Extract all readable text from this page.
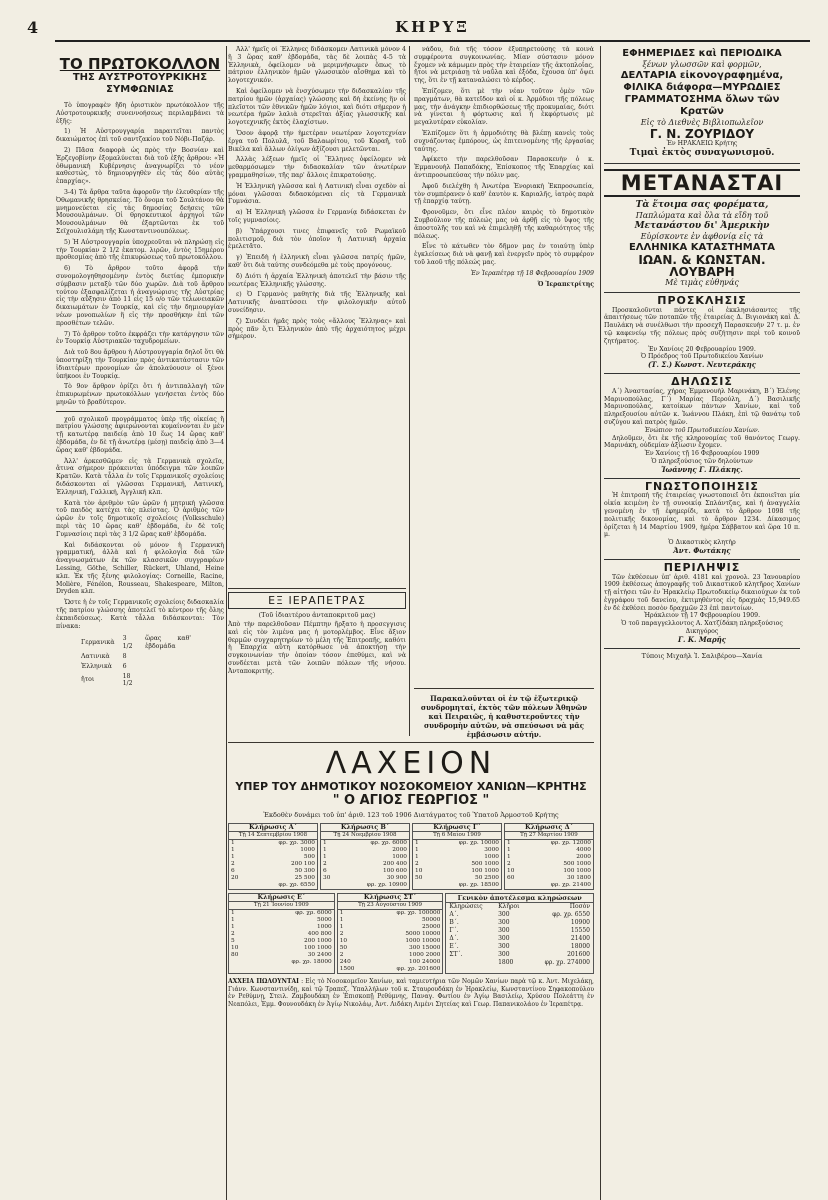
4	ΚΗΡΥΞ
ΤΟ ΠΡΩΤΟΚΟΛΛΟΝ
ΤΗΣ ΑΥΣΤΡΟΤΟΥΡΚΙΚΗΣ ΣΥΜΦΩΝΙΑΣ

Τὸ ὑπογραφὲν ἤδη ὁριστικὸν πρωτόκολλον τῆς Αὐστροτουρκικῆς συνεννοήσεως περιλαμβάνει τὰ ἑξῆς:

1) Ἡ Αὐστρουγγαρία παραιτεῖται παντὸς δικαιώματος ἐπὶ τοῦ σαντζακίου τοῦ Νόβι-Παζάρ.

2) Πᾶσα διαφορὰ ὡς πρὸς τὴν Βοσνίαν καὶ Ἑρζεγοβίνην ἐξομαλύνεται διὰ τοῦ ἑξῆς ἄρθρου: «Ἡ ὀθωμανικὴ Κυβέρνησις ἀναγνωρίζει τὸ νέον καθεστώς, τὸ δημιουργηθὲν εἰς τὰς δύο αὐτὰς ἐπαρχίας».

3-4) Τὰ ἄρθρα ταῦτα ἀφοροῦν τὴν ἐλευθερίαν τῆς Ὀθωμανικῆς θρησκείας. Τὸ ὄνομα τοῦ Σουλτάνου θὰ μνημονεύεται εἰς τὰς δημοσίας δεήσεις τῶν Μουσουλμάνων. Οἱ θρησκευτικοὶ ἀρχηγοὶ τῶν Μουσουλμάνων θὰ ἐξαρτῶνται ἐκ τοῦ Σεϊχουλισλάμη τῆς Κωνσταντινουπόλεως.

5) Ἡ Αὐστρουγγαρία ὑποχρεοῦται νὰ πληρώσῃ εἰς τὴν Τουρκίαν 2 1/2 ἑκατομ. λιρῶν, ἐντὸς 15ημέρου προθεσμίας ἀπὸ τῆς ἐπικυρώσεως τοῦ πρωτοκόλλου.

6) Τὸ ἄρθρον τοῦτο ἀφορᾷ τὴν συνομολογηθησομένην ἐντὸς διετίας ἐμπορικὴν σύμβασιν μεταξὺ τῶν δύο χωρῶν. Διὰ τοῦ ἄρθρου τούτου ἐξασφαλίζεται ἡ ἀναγνώρισις τῆς Αὐστρίας εἰς τὴν αὔξησιν ἀπὸ 11 εἰς 15 ο/ο τῶν τελωνειακῶν δικαιωμάτων ἐν Τουρκίᾳ, καὶ εἰς τὴν δημιουργίαν νέων μονοπωλίων ἢ εἰς τὴν προσθήκην ἐπὶ τῶν προσθέτων τελῶν.

7) Τὸ ἄρθρον τοῦτο ἐκφράζει τὴν κατάργησιν τῶν ἐν Τουρκίᾳ Αὐστριακῶν ταχυδρομείων.

Διὰ τοῦ 8ου ἄρθρου ἡ Αὐστρουγγαρία δηλοῖ ὅτι θὰ ὑποστηρίξῃ τὴν Τουρκίαν πρὸς ἀντικατάστασιν τῶν ἰδιαιτέρων προνομίων ὧν ἀπολαύουσιν οἱ ξένοι ὑπήκοοι ἐν Τουρκίᾳ.

Τὸ 9ον ἄρθρον ὁρίζει ὅτι ἡ ἀντιπαλλαγὴ τῶν ἐπικυρωμένων πρωτοκόλλων γενήσεται ἐντὸς δύο μηνῶν τὸ βραδύτερον.

χοῦ σχολικοῦ προγράμματος ὑπὲρ τῆς οἰκείας ἢ πατρίου γλώσσης ἀφιερώνονται κυμαίνονται ἐν μὲν τῇ κατωτέρᾳ παιδείᾳ ἀπὸ 10 ἕως 14 ὥρας καθ' ἑβδομάδα, ἐν δὲ τῇ ἀνωτέρᾳ (μέσῃ) παιδείᾳ ἀπὸ 3—4 ὥρας καθ' ἑβδομάδα.

Ἀλλ' ἀρκεσθῶμεν εἰς τὰ Γερμανικὰ σχολεῖα, ἅτινα σήμερον πρόκεινται ὑπόδειγμα τῶν λοιπῶν Κρατῶν. Κατὰ τἆλλα ἐν τοῖς Γερμανικοῖς σχολείοις διδάσκονται αἱ γλῶσσαι Γερμανική, Λατινική, Ἑλληνική, Γαλλική, Ἀγγλική κλπ.

Κατὰ τὸν ἀριθμὸν τῶν ὡρῶν ἡ μητρικὴ γλῶσσα τοῦ παιδὸς κατέχει τὰς πλείστας. Ὁ ἀριθμὸς τῶν ὡρῶν ἐν τοῖς δημοτικοῖς σχολείοις (Volksschule) περὶ τὰς 10 ὥρας καθ' ἑβδομάδα, ἐν δὲ τοῖς Γυμνασίοις περὶ τὰς 3 1/2 ὥρας καθ' ἑβδομάδα.

Καὶ διδάσκονται οὐ μόνον ἡ Γερμανικὴ γραμματική, ἀλλὰ καὶ ἡ φιλολογία διὰ τῶν ἀναγνωσμάτων ἐκ τῶν κλασσικῶν συγγραφέων Lessing, Göthe, Schiller, Rückert, Uhland, Heine κλπ. Ἐκ τῆς ξένης φιλολογίας: Corneille, Racine, Molière, Fénélon, Rousseau, Shakespeare, Milton, Dryden κλπ.

Ὥστε ἡ ἐν τοῖς Γερμανικοῖς σχολείοις διδασκαλία τῆς πατρίου γλώσσης ἀποτελεῖ τὸ κέντρον τῆς ὅλης ἐκπαιδεύσεως. Κατὰ τἆλλα διδάσκονται: Τὸν πίνακα:

Γερμανικὰ	3 1/2	ὥρας καθ' ἑβδομάδα
Λατινικὰ	8	
Ἑλληνικὰ	6	
ἤτοι	18 1/2	

Ἀλλ' ἡμεῖς οἱ Ἕλληνες διδάσκομεν Λατινικὰ μόνον 4 ἢ 3 ὥρας καθ' ἑβδομάδα, τὰς δὲ λοιπὰς 4-5 τὰ Ἑλληνικὰ, ὀφείλομεν νὰ μεριμνήσωμεν ὅπως τὸ πάτριον ἑλληνικὸν ἡμῶν γλωσσικὸν αἴσθημα καὶ τὸ λογοτεχνικόν.

Καὶ ὀφείλομεν νὰ ἐνσχύσωμεν τὴν διδασκαλίαν τῆς πατρίου ἡμῶν (ἀρχαίας) γλώσσης καὶ δὴ ἐκείνης ἣν οἱ πλεῖστοι τῶν ἐθνικῶν ἡμῶν λόγιοι, καὶ διότι σήμερον ἡ νεωτέρα ἡμῶν λαλιὰ στερεῖται ἀξίας γλωσσικῆς καὶ λογοτεχνικῆς ἐκτὸς ἐλαχίστων.

Ὅσον ἀφορᾷ τὴν ἡμετέραν νεωτέραν λογοτεχνίαν ἔργα τοῦ Πολυλᾶ, τοῦ Βαλαωρίτου, τοῦ Κοραῆ, τοῦ Βικέλα καὶ ἄλλων ὀλίγων ἀξίζουσι μελετῶνται.

Ἀλλὰς λέξεων ἡμεῖς οἱ Ἕλληνες ὀφείλομεν νὰ μεθαρμόσωμεν τὴν διδασκαλίαν τῶν ἀνωτέρων γραμμαθησίων, τῆς παρ' ἄλλοις ἐπικρατούσης.

Ἡ Ἑλληνικὴ γλῶσσα καὶ ἡ Λατινικὴ εἶναι σχεδὸν αἱ μόναι γλῶσσαι διδασκόμεναι εἰς τὰ Γερμανικὰ Γυμνάσια.

α) Ἡ Ἑλληνικὴ γλῶσσα ἐν Γερμανίᾳ διδάσκεται ἐν τοῖς γυμνασίοις.

β) Ὑπάρχουσι τινες ἐπιφανεῖς τοῦ Ρωμαϊκοῦ πολιτισμοῦ, διὰ τὸν ὁποῖον ἡ Λατινικὴ ἀρχαία ἐμελετᾶτο.

γ) Ἐπειδὴ ἡ ἐλληνικὴ εἶναι γλῶσσα πατρίς ἡμῶν, καθ' ὅτι διὰ ταύτης συνδεόμεθα μὲ τοὺς προγόνους.

δ) Διότι ἡ ἀρχαία Ἑλληνικὴ ἀποτελεῖ τὴν βάσιν τῆς νεωτέρας Ἑλληνικῆς γλώσσης.

ε) Ὁ Γερμανὸς μαθητὴς διὰ τῆς Ἑλληνικῆς καὶ Λατινικῆς ἀναπτύσσει τὴν φιλολογικὴν αὐτοῦ συνείδησιν.

ζ) Συνδέει ἡμᾶς πρὸς τοὺς «ἄλλους Ἕλληνας» καὶ πρὸς πᾶν ὅ,τι Ἑλληνικὸν ἀπὸ τῆς ἀρχαιότητος μέχρι σήμερον.

ΕΞ ΙΕΡΑΠΕΤΡΑΣ
(Τοῦ ἰδιαιτέρου ἀνταποκριτοῦ μας)
Ἀπὸ τὴν παρελθοῦσαν Πέμπτην ἤρξατο ἡ προσεγγισις καὶ εἰς τὸν λιμένα μας ἡ μοτορλέμβος. Εἶνε ἄξιον θερμῶν συγχαρητηρίων τὸ μέλη τῆς Ἐπιτροπῆς, καθότι ἡ Ἐπαρχία αὕτη κατόρθωσε νὰ ἀποκτήσῃ τὴν συγκοινωνίαν τὴν ὁποίαν τόσον ἐπεθύμει, καὶ νὰ συνδέεται μετὰ τῶν λοιπῶν πόλεων τῆς νήσου. Ἀνταποκριτής.

νάδου, διὰ τῆς τόσον ἐξυπηρετούσης τὰ κοινὰ συμφέροντα συγκοινωνίας. Μίαν σύστασιν μόνον ἔχομεν νὰ κάμωμεν πρὸς τὴν ἑταιρείαν τῆς ἀκτοπλοΐας, ἤτοι νὰ μετριάσῃ τὰ ναῦλα καὶ ἐξόδα, ἔχουσα ὑπ' ὄψει της, ὅτι ἐν τῇ καταναλώσει τὸ κέρδος.

Ἐπίζομεν, ὅτι μὲ τὴν νέαν τοῦτον ὁμὲν τῶν πραγμάτων, θὰ κατεῖδον καὶ οἱ κ. Ἁρμόδιοι τῆς πόλεως μας, τὴν ἀνάγκην ἐπιδιορθώσεως τῆς προκυμαίας, διότι νὰ γίνεται ἡ φόρτωσις καὶ ἡ ἐκφόρτωσις μὲ μεγαλυτέραν εὐκολίαν.

Ἐλπίζομεν ὅτι ἡ ἀρμοδιότης θὰ βλέπῃ κανεὶς τοὺς συχνάζοντας ἐμπόρους, ὡς ἐπιτεινομένης τῆς ἐργασίας ταύτης.

Ἀφίκετο τὴν παρελθοῦσαν Παρασκευὴν ὁ κ. Ἐμμανουὴλ Παπαδόκης, Ἐπίσκοπος τῆς Ἐπαρχίας καὶ ἀντιπροσωπεύσας τὴν πόλιν μας.

Ἀφοῦ διελέχθη ἡ Ἀνωτέρα Ἐνοριακὴ Ἐκπροσωπεία, τὸν συμπέρανεν ὁ καθ' ἑαυτὸν κ. Καριαλῆς, ἰατρὸς παρὰ τῇ ἐπαρχίᾳ ταύτῃ.

Φρονοῦμεν, ὅτι εἶνε πλέον καιρὸς τὸ δημοτικὸν Συμβούλιον τῆς πόλεώς μας νὰ ἀρθῇ εἰς τὸ ὕψος τῆς ἀποστολῆς του καὶ νὰ ἐπιμεληθῇ τῆς καθαριότητος τῆς πόλεως.

Εἶνε τὸ κάτωθεν τὸν δῆμον μας ἐν τοιαύτῃ ὑπὲρ ἐγκλείσεως διὰ νὰ φανῇ καὶ ἐνεργεῖν πρὸς τὸ συμφέρον τοῦ λαοῦ τῆς πόλεώς μας.

Ἐν Ἱεραπέτρᾳ τῇ 18 Φεβρουαρίου 1909

Ὁ Ἱεραπετρίτης

Παρακαλοῦνται οἱ ἐν τῷ ἐξωτερικῷ συνδρομηταί, ἐκτὸς τῶν πόλεων Ἀθηνῶν καὶ Πειραιῶς, ἡ καθυστεροῦντες τὴν συνδρομὴν αὐτῶν, νὰ σπεύσωσι νὰ μᾶς ἐμβάσωσιν αὐτήν.
ΛΑΧΕΙΟΝ
ΥΠΕΡ ΤΟΥ ΔΗΜΟΤΙΚΟΥ ΝΟΣΟΚΟΜΕΙΟΥ ΧΑΝΙΩΝ—ΚΡΗΤΗΣ
" Ο ΑΓΙΟΣ ΓΕΩΡΓΙΟΣ "
Ἐκδοθὲν δυνάμει τοῦ ὑπ' ἀριθ. 123 τοῦ 1906 Διατάγματος τοῦ Ὑπατοῦ Ἁρμοστοῦ Κρήτης
Κλήρωσις Α΄
Τῇ 14 Σεπτεμβρίου 1908
1	φρ. χρ. 3000
1	1000
1	500
2	200 100
6	50 300
20	25 500
	φρ. χρ. 6550
Κλήρωσις Β΄
Τῇ 24 Νοεμβρίου 1908
1	φρ. χρ. 6000
1	2000
1	1000
2	200 400
6	100 600
30	30 900
	φρ. χρ. 10900
Κλήρωσις Γ΄
Τῇ 6 Μαΐου 1909
1	φρ. χρ. 10000
1	3000
1	1000
2	500 1000
10	100 1000
50	50 2500
	φρ. χρ. 18500
Κλήρωσις Δ΄
Τῇ 27 Μαρτίου 1909
1	φρ. χρ. 12000
1	4000
1	2000
2	500 1000
10	100 1000
60	30 1800
	φρ. χρ. 21400
Κλήρωσις Ε΄
Τῇ 21 Ἰουνίου 1909
1	φρ. χρ. 6000
1	5000
1	1000
2	400 800
5	200 1000
10	100 1000
80	30 2400
	φρ. χρ. 18000
Κλήρωσις ΣΤ΄
Τῇ 23 Αὐγούστου 1909
1	φρ. χρ. 100000
1	50000
1	25000
2	5000 10000
10	1000 10000
50	300 15000
2	1000 2000
240	100 24000
1500	φρ. χρ. 201600
Γενικὸν ἀποτέλεσμα κληρώσεων
Κληρώσεις	Κλῆροι	Ποσὸν
Α΄.	300	φρ. χρ. 6550
Β΄.	300	10900
Γ΄.	300	15550
Δ΄.	300	21400
Ε΄.	300	18000
ΣΤ΄.	300	201600
	1800	φρ. χρ. 274000
ΑΧΧΕΙΑ ΠΩΛΟΥΝΤΑΙ : Εἰς τὸ Νοσοκομεῖον Χανίων, καὶ ταμιευτήρια τῶν Νομῶν Χανίων παρὰ τῷ κ. Ἀντ. Μιχελάκῃ, Γιάνν. Κωνσταντινίδῃ, καὶ τῷ Τραπεζ. Ὑπαλλήλων τοῦ κ. Σταυρουδάκη ἐν Ἡρακλείῳ, Κωνσταντίνου Σηφακοπούλου ἐν Ρεθύμνῃ, Στειλ. Ζαμβουδάκη ἐν Ἐπισκοπῇ Ρεθύμνης, Παναγ. Φωτίου ἐν Ἁγίῳ Βασιλείῳ, Χρύσου Πολεάττη ἐν Νεαπόλει, Ἐμμ. Φουνουδάκη ἐν Ἁγίῳ Νικολάῳ, Ἀντ. Λιδάκη Λιμένι Σητείας καὶ Γεωρ. Παπανικολάου ἐν Ἱεραπέτρᾳ.
ΕΦΗΜΕΡΙΔΕΣ καὶ ΠΕΡΙΟΔΙΚΑ
ξένων γλωσσῶν καὶ φορμῶν,
ΔΕΛΤΑΡΙΑ εἰκονογραφημένα,
ΦΙΛΙΚΑ διάφορα—ΜΥΡΩΔΙΕΣ
ΓΡΑΜΜΑΤΟΣΗΜΑ ὅλων τῶν Κρατῶν
Εἰς τὸ Διεθνὲς Βιβλιοπωλεῖον
Γ. Ν. ΖΟΥΡΙΔΟΥ
Ἐν ΗΡΑΚΛΕΙΩ Κρήτης
Τιμαὶ ἐκτὸς συναγωνισμοῦ.
ΜΕΤΑΝΑΣΤΑΙ
Τὰ ἕτοιμα σας φορέματα,
Παπλώματα καὶ ὅλα τὰ εἴδη τοῦ
Μετανάστου δι' Ἀμερικὴν
Εὑρίσκοντε ἐν ἀφθονίᾳ εἰς τὰ
ΕΛΛΗΝΙΚΑ ΚΑΤΑΣΤΗΜΑΤΑ
ΙΩΑΝ. & ΚΩΝΣΤΑΝ. ΛΟΥΒΑΡΗ
Μὲ τιμὰς εὐθηνάς
ΠΡΟΣΚΛΗΣΙΣ
Προσκαλοῦνται πάντες οἱ ἐκκλησιάσαντες τῆς ἀπαιτήσεως τῶν ποταπῶν τῆς ἑταιρείας Δ. Βιγιονάκη καὶ Δ. Παυλάκη νὰ συνέλθωσι τὴν προσεχῆ Παρασκευὴν 27 τ. μ. ἐν τῷ καφενείῳ τῆς πόλεως πρὸς συζήτησιν περὶ τοῦ κοινοῦ ζητήματος.
Ἐν Χανίοις 20 Φεβρουαρίου 1909.
Ὁ Πρόεδρος τοῦ Πρωτοδικείου Χανίων
(Τ. Σ.) Κωνστ. Νευτεράκης
ΔΗΛΩΣΙΣ
Α΄) Ἀναστασίας, χήρας Ἐμμανουὴλ Μαρινάκη, Β΄) Ἑλένης Μαρινοπούλας, Γ΄) Μαρίας Περούλη, Δ΄) Βασιλικῆς Μαρινοπούλας, κατοίκων πάντων Χανίων, καὶ τοῦ πληρεξουσίου αὐτῶν κ. Ἰωάννου Πλάκη, ἐπὶ τῷ θανάτῳ τοῦ συζύγου καὶ πατρὸς ἡμῶν.
Ἐνώπιον τοῦ Πρωτοδικείου Χανίων.
Δηλοῦμεν, ὅτι ἐκ τῆς κληρονομίας τοῦ θανόντος Γεωργ. Μαρινάκη, οὐδεμίαν ἀξίωσιν ἔχομεν.
Ἐν Χανίοις τῇ 16 Φεβρουαρίου 1909
Ὁ πληρεξούσιος τῶν δηλούντων
Ἰωάννης Γ. Πλάκης.
ΓΝΩΣΤΟΠΟΙΗΣΙΣ
Ἡ ἐπιτροπὴ τῆς ἑταιρείας γνωστοποιεῖ ὅτι ἐκποιεῖται μία οἰκία κειμένη ἐν τῇ συνοικίᾳ Σπλάντζας, καὶ ἡ ἀναγγελία γενομένη ἐν τῇ ἐφημερίδι, κατὰ τὸ ἄρθρον 1098 τῆς πολιτικῆς δικονομίας, καὶ τὸ ἄρθρον 1234. Δίκασιμος ὀρίζεται ἡ 14 Μαρτίου 1909, ἡμέρα Σάββατον καὶ ὥρα 10 π. μ.
Ὁ Δικαστικὸς κλητὴρ
Ἀντ. Φωτάκης
ΠΕΡΙΛΗΨΙΣ
Τῶν ἐκθέσεων ὑπ' ἀριθ. 4181 καὶ χρονολ. 23 Ἰανουαρίου 1909 ἐκθέσεως ἀπογραφῆς τοῦ Δικαστικοῦ κλητῆρος Χανίων τῇ αἰτήσει τῶν ἐν Ἡρακλείῳ Πρωτοδικείῳ δικαιούχων ἐκ τοῦ ἐγγράφου τοῦ δανείου, ἐκτιμηθέντος εἰς δραχμὰς 15,949.65 ἐν δὲ ἐκθέσει ποσὸν δραχμῶν 23 ἐπὶ παντοίων.
Ἡράκλειον τῇ 17 Φεβρουαρίου 1909.
Ὁ τοῦ παραγγελλοντος Α. Χατζίδάκη πληρεξούσιος Δικηγόρος
Γ. Κ. Μαρῆς
Τύποις Μιχαὴλ Ἰ. Σαλιβέρου—Χανία
